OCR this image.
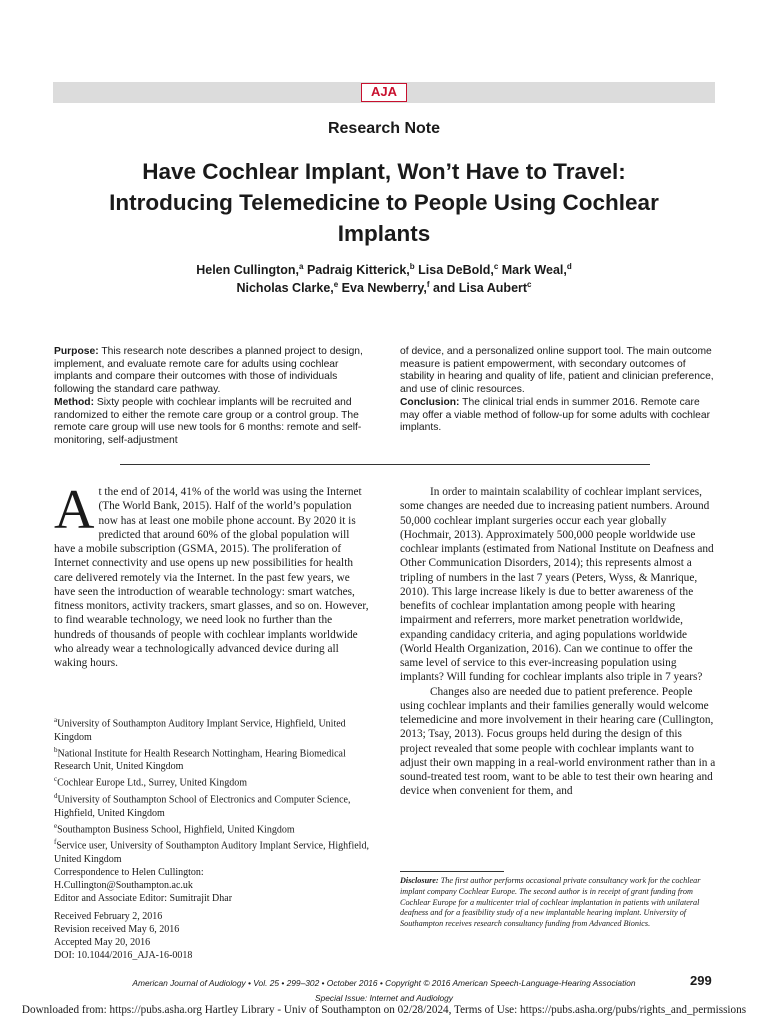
AJA
Research Note
Have Cochlear Implant, Won’t Have to Travel: Introducing Telemedicine to People Using Cochlear Implants
Helen Cullington,$^a$ Padraig Kitterick,$^b$ Lisa DeBold,$^c$ Mark Weal,$^d$
Nicholas Clarke,$^e$ Eva Newberry,$^f$ and Lisa Aubert$^c$
Purpose: This research note describes a planned project to design, implement, and evaluate remote care for adults using cochlear implants and compare their outcomes with those of individuals following the standard care pathway.
Method: Sixty people with cochlear implants will be recruited and randomized to either the remote care group or a control group. The remote care group will use new tools for 6 months: remote and self-monitoring, self-adjustment
of device, and a personalized online support tool. The main outcome measure is patient empowerment, with secondary outcomes of stability in hearing and quality of life, patient and clinician preference, and use of clinic resources.
Conclusion: The clinical trial ends in summer 2016. Remote care may offer a viable method of follow-up for some adults with cochlear implants.
At the end of 2014, 41% of the world was using the Internet (The World Bank, 2015). Half of the world’s population now has at least one mobile phone account. By 2020 it is predicted that around 60% of the global population will have a mobile subscription (GSMA, 2015). The proliferation of Internet connectivity and use opens up new possibilities for health care delivered remotely via the Internet. In the past few years, we have seen the introduction of wearable technology: smart watches, fitness monitors, activity trackers, smart glasses, and so on. However, to find wearable technology, we need look no further than the hundreds of thousands of people with cochlear implants worldwide who already wear a technologically advanced device during all waking hours.

In order to maintain scalability of cochlear implant services, some changes are needed due to increasing patient numbers. Around 50,000 cochlear implant surgeries occur each year globally (Hochmair, 2013). Approximately 500,000 people worldwide use cochlear implants (estimated from National Institute on Deafness and Other Communication Disorders, 2014); this represents almost a tripling of numbers in the last 7 years (Peters, Wyss, & Manrique, 2010). This large increase likely is due to better awareness of the benefits of cochlear implantation among people with hearing impairment and referrers, more market penetration worldwide, expanding candidacy criteria, and aging populations worldwide (World Health Organization, 2016). Can we continue to offer the same level of service to this ever-increasing population using implants? Will funding for cochlear implants also triple in 7 years?

Changes also are needed due to patient preference. People using cochlear implants and their families generally would welcome telemedicine and more involvement in their hearing care (Cullington, 2013; Tsay, 2013). Focus groups held during the design of this project revealed that some people with cochlear implants want to adjust their own mapping in a real-world environment rather than in a sound-treated test room, want to be able to test their own hearing and device when convenient for them, and

$^a$University of Southampton Auditory Implant Service, Highfield, United Kingdom
$^b$National Institute for Health Research Nottingham, Hearing Biomedical Research Unit, United Kingdom
$^c$Cochlear Europe Ltd., Surrey, United Kingdom
$^d$University of Southampton School of Electronics and Computer Science, Highfield, United Kingdom
$^e$Southampton Business School, Highfield, United Kingdom
$^f$Service user, University of Southampton Auditory Implant Service, Highfield, United Kingdom
Correspondence to Helen Cullington:
H.Cullington@Southampton.ac.uk
Editor and Associate Editor: Sumitrajit Dhar
Received February 2, 2016
Revision received May 6, 2016
Accepted May 20, 2016
DOI: 10.1044/2016_AJA-16-0018
Disclosure: The first author performs occasional private consultancy work for the cochlear implant company Cochlear Europe. The second author is in receipt of grant funding from Cochlear Europe for a multicenter trial of cochlear implantation in patients with unilateral deafness and for a feasibility study of a new implantable hearing implant. University of Southampton receives research consultancy funding from Advanced Bionics.
American Journal of Audiology • Vol. 25 • 299–302 • October 2016 • Copyright © 2016 American Speech-Language-Hearing Association	299
Special Issue: Internet and Audiology
Downloaded from: https://pubs.asha.org Hartley Library - Univ of Southampton on 02/28/2024, Terms of Use: https://pubs.asha.org/pubs/rights_and_permissions
